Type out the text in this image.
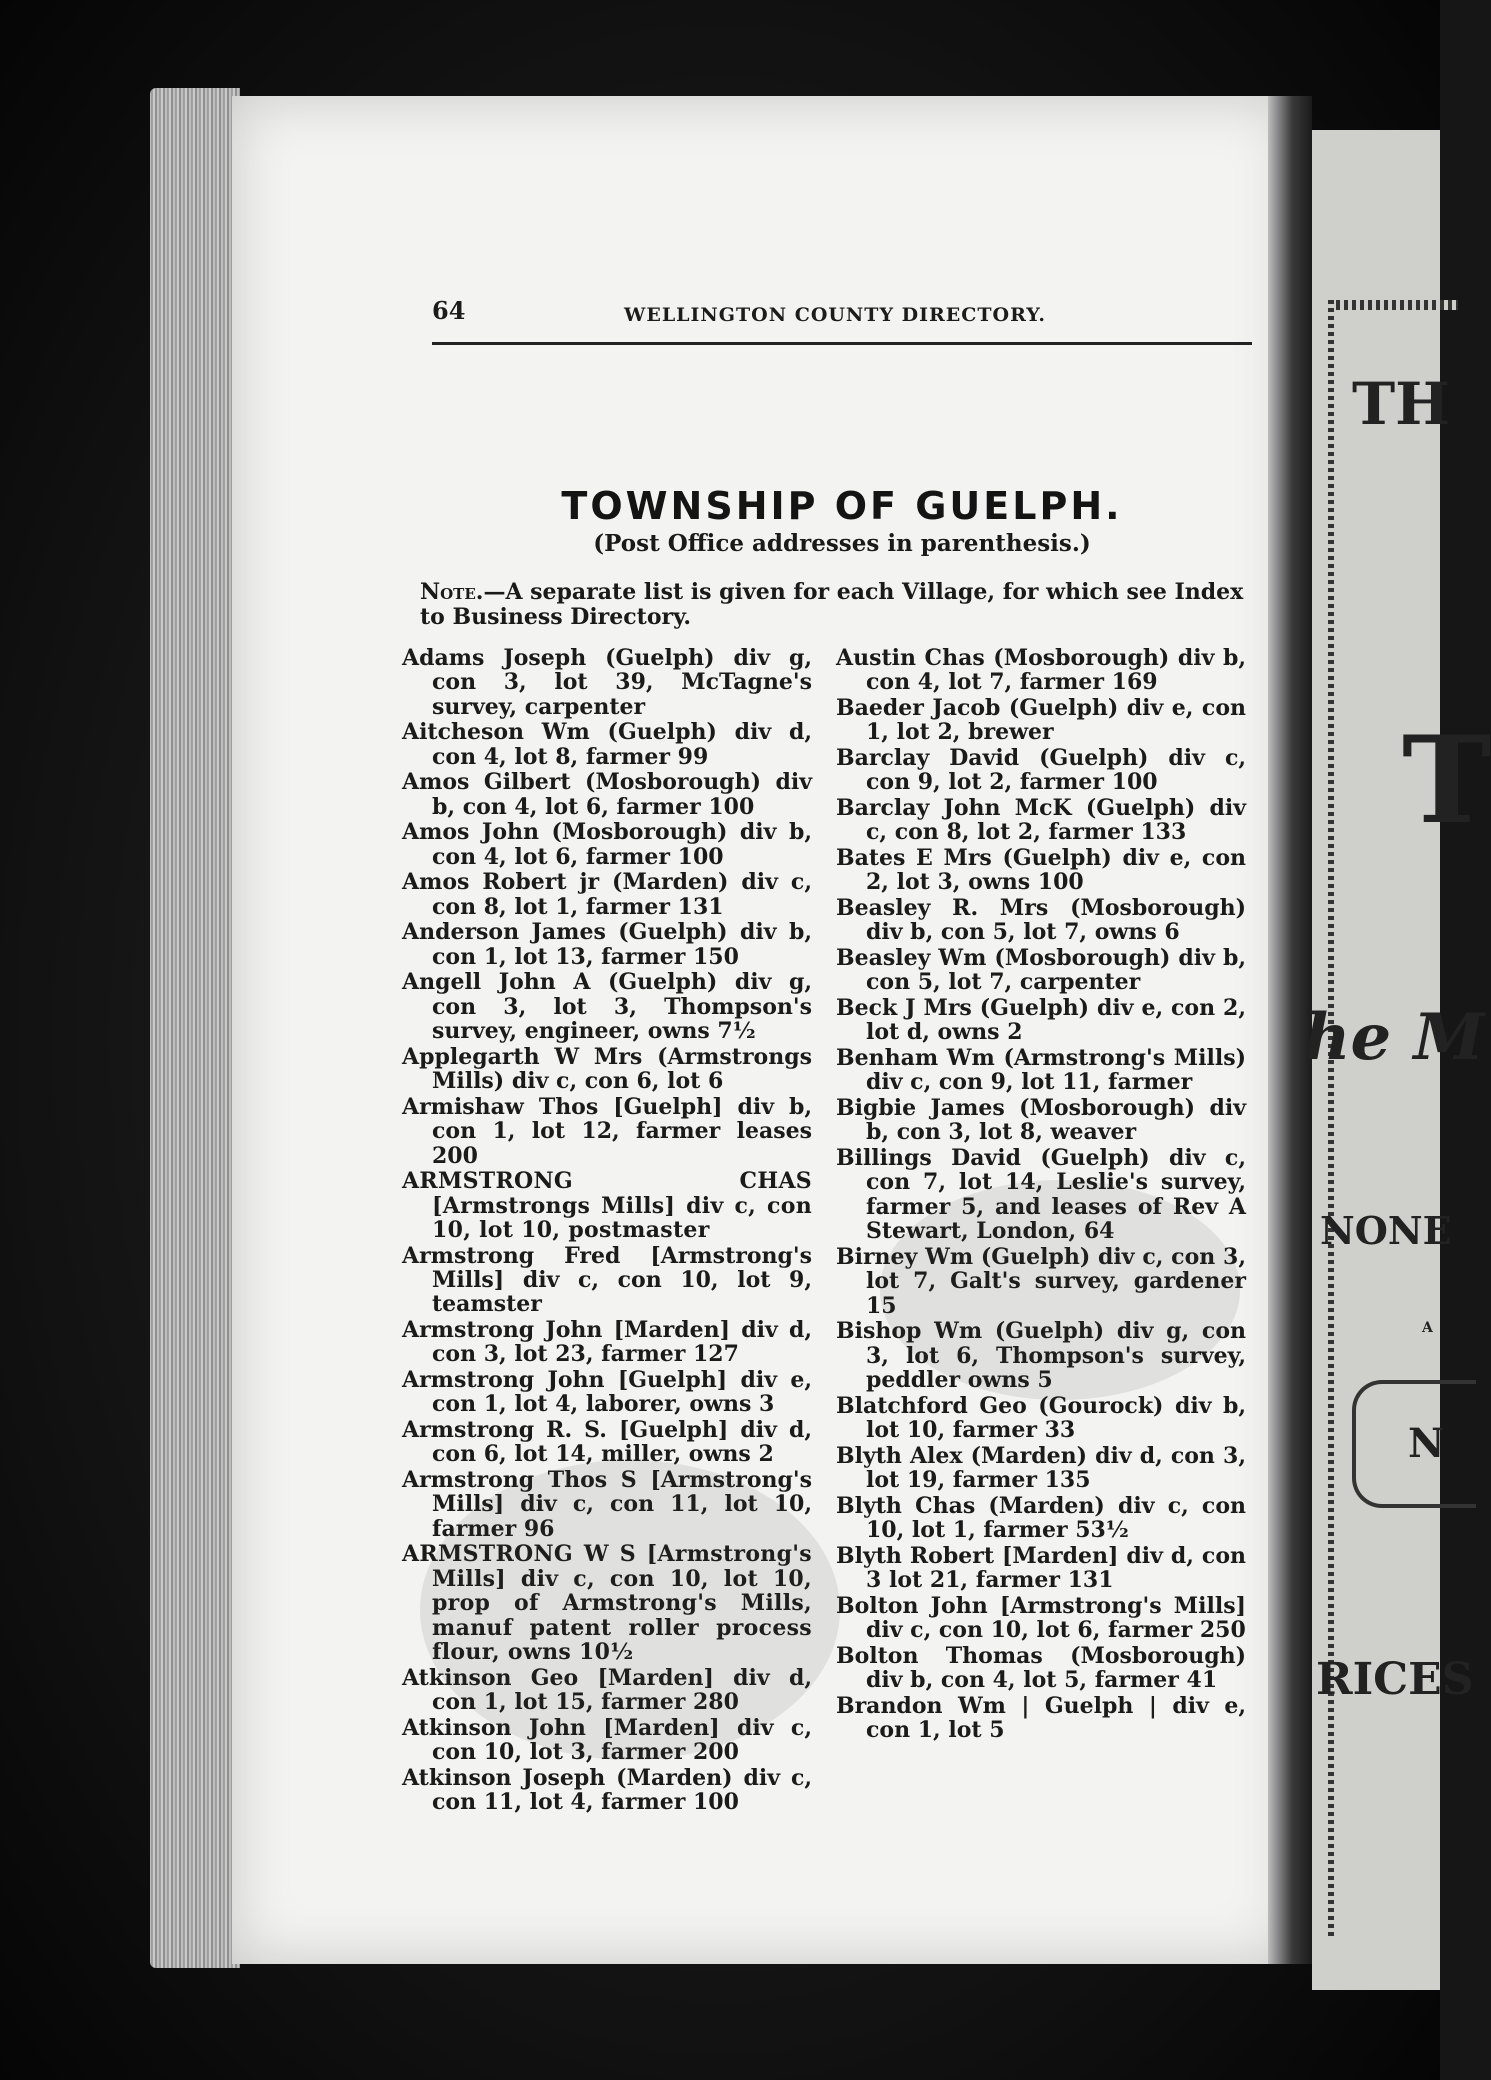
TH
T
he M
NONE
A
N
RICES
64	WELLINGTON COUNTY DIRECTORY.
TOWNSHIP OF GUELPH.
(Post Office addresses in parenthesis.)
Note.—A separate list is given for each Village, for which see Index to Business Directory.

Adams Joseph (Guelph) div g, con 3, lot 39, McTagne's survey, carpenter

Aitcheson Wm (Guelph) div d, con 4, lot 8, farmer 99

Amos Gilbert (Mosborough) div b, con 4, lot 6, farmer 100

Amos John (Mosborough) div b, con 4, lot 6, farmer 100

Amos Robert jr (Marden) div c, con 8, lot 1, farmer 131

Anderson James (Guelph) div b, con 1, lot 13, farmer 150

Angell John A (Guelph) div g, con 3, lot 3, Thompson's survey, engineer, owns 7½

Applegarth W Mrs (Armstrongs Mills) div c, con 6, lot 6

Armishaw Thos [Guelph] div b, con 1, lot 12, farmer leases 200

ARMSTRONG CHAS [Armstrongs Mills] div c, con 10, lot 10, postmaster

Armstrong Fred [Armstrong's Mills] div c, con 10, lot 9, teamster

Armstrong John [Marden] div d, con 3, lot 23, farmer 127

Armstrong John [Guelph] div e, con 1, lot 4, laborer, owns 3

Armstrong R. S. [Guelph] div d, con 6, lot 14, miller, owns 2

Armstrong Thos S [Armstrong's Mills] div c, con 11, lot 10, farmer 96

ARMSTRONG W S [Armstrong's Mills] div c, con 10, lot 10, prop of Armstrong's Mills, manuf patent roller process flour, owns 10½

Atkinson Geo [Marden] div d, con 1, lot 15, farmer 280

Atkinson John [Marden] div c, con 10, lot 3, farmer 200

Atkinson Joseph (Marden) div c, con 11, lot 4, farmer 100

Austin Chas (Mosborough) div b, con 4, lot 7, farmer 169

Baeder Jacob (Guelph) div e, con 1, lot 2, brewer

Barclay David (Guelph) div c, con 9, lot 2, farmer 100

Barclay John McK (Guelph) div c, con 8, lot 2, farmer 133

Bates E Mrs (Guelph) div e, con 2, lot 3, owns 100

Beasley R. Mrs (Mosborough) div b, con 5, lot 7, owns 6

Beasley Wm (Mosborough) div b, con 5, lot 7, carpenter

Beck J Mrs (Guelph) div e, con 2, lot d, owns 2

Benham Wm (Armstrong's Mills) div c, con 9, lot 11, farmer

Bigbie James (Mosborough) div b, con 3, lot 8, weaver

Billings David (Guelph) div c, con 7, lot 14, Leslie's survey, farmer 5, and leases of Rev A Stewart, London, 64

Birney Wm (Guelph) div c, con 3, lot 7, Galt's survey, gardener 15

Bishop Wm (Guelph) div g, con 3, lot 6, Thompson's survey, peddler owns 5

Blatchford Geo (Gourock) div b, lot 10, farmer 33

Blyth Alex (Marden) div d, con 3, lot 19, farmer 135

Blyth Chas (Marden) div c, con 10, lot 1, farmer 53½

Blyth Robert [Marden] div d, con 3 lot 21, farmer 131

Bolton John [Armstrong's Mills] div c, con 10, lot 6, farmer 250

Bolton Thomas (Mosborough) div b, con 4, lot 5, farmer 41

Brandon Wm | Guelph | div e, con 1, lot 5
